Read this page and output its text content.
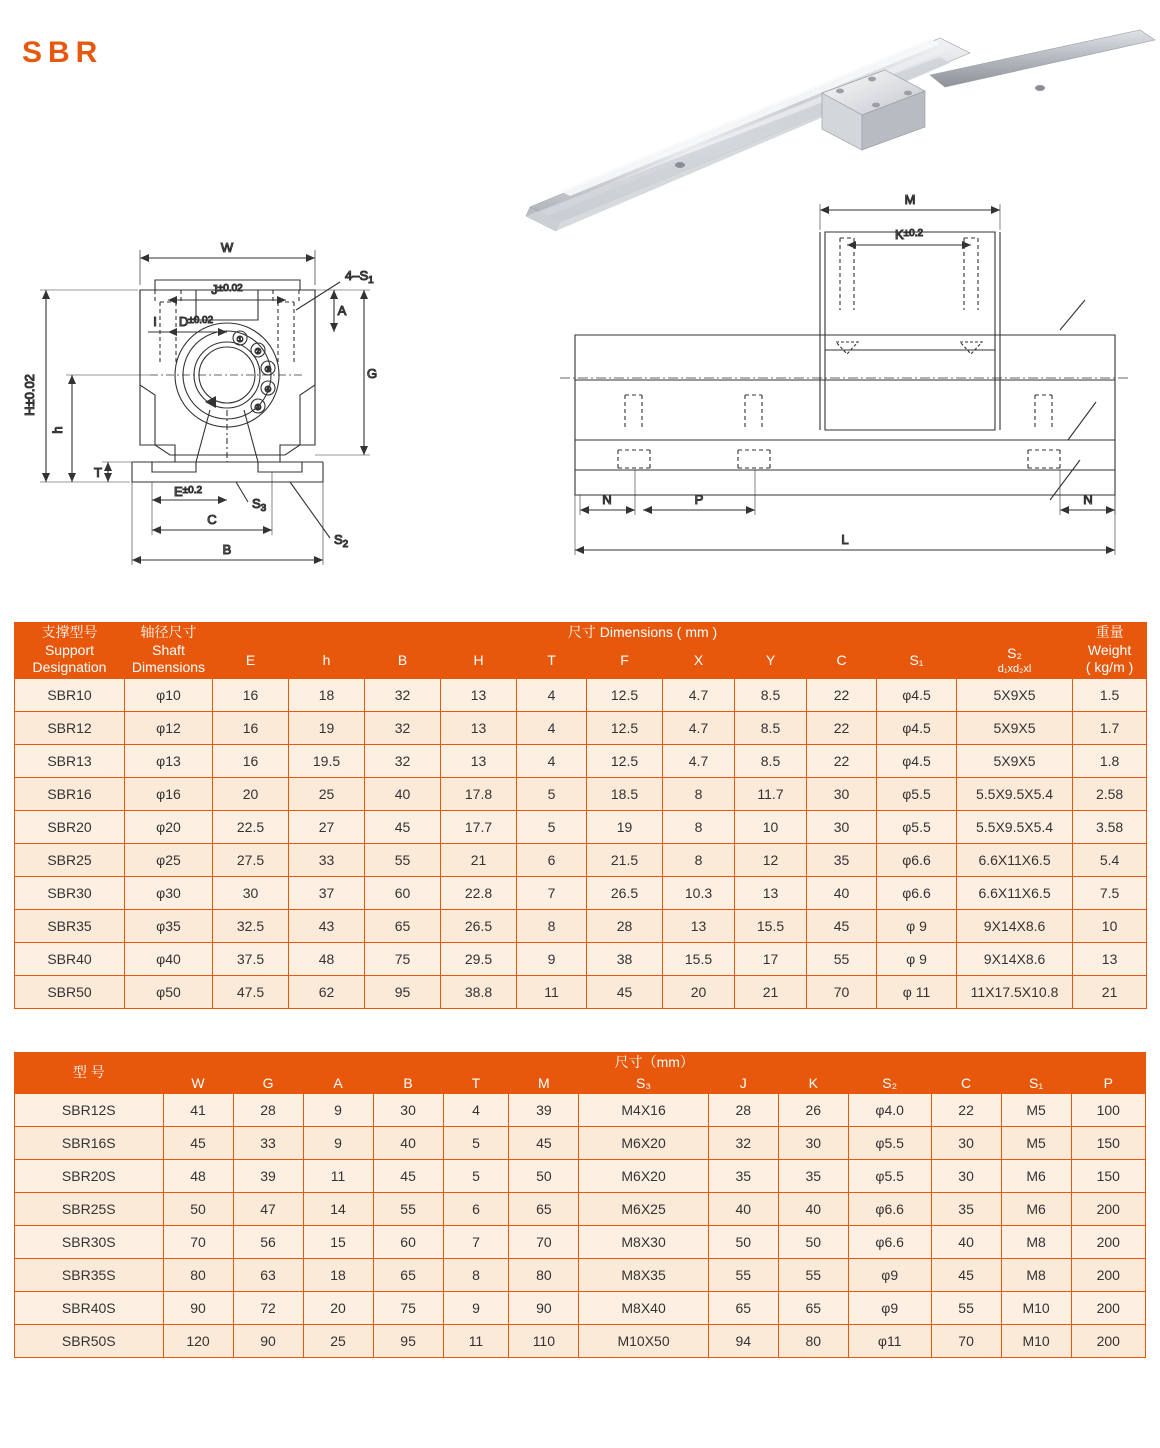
SBR
①
②
③
④
⑤
W
$J^{\pm 0.02}$
$D^{\pm 0.02}$
$4-S_1$
I
A
G
H±0.02
h
T
$E^{\pm 0.2}$
$S_3$
C
$S_2$
B
M
$K^{\pm 0.2}$
N	P	N
L
支撑型号
Support
Designation

轴径尺寸
Shaft
Dimensions
	尺寸 Dimensions ( mm )	重量
Weight
( kg/m )

		E	h	B	H	T	F	X	Y	C	S₁	S₂
d₁xd₂xl	

SBR10	φ10	16	18	32	13	4	12.5	4.7	8.5	22	φ4.5	5X9X5	1.5
SBR12	φ12	16	19	32	13	4	12.5	4.7	8.5	22	φ4.5	5X9X5	1.7
SBR13	φ13	16	19.5	32	13	4	12.5	4.7	8.5	22	φ4.5	5X9X5	1.8
SBR16	φ16	20	25	40	17.8	5	18.5	8	11.7	30	φ5.5	5.5X9.5X5.4	2.58
SBR20	φ20	22.5	27	45	17.7	5	19	8	10	30	φ5.5	5.5X9.5X5.4	3.58
SBR25	φ25	27.5	33	55	21	6	21.5	8	12	35	φ6.6	6.6X11X6.5	5.4
SBR30	φ30	30	37	60	22.8	7	26.5	10.3	13	40	φ6.6	6.6X11X6.5	7.5
SBR35	φ35	32.5	43	65	26.5	8	28	13	15.5	45	φ 9	9X14X8.6	10
SBR40	φ40	37.5	48	75	29.5	9	38	15.5	17	55	φ 9	9X14X8.6	13
SBR50	φ50	47.5	62	95	38.8	11	45	20	21	70	φ 11	11X17.5X10.8	21
型 号	尺寸（mm）												
	W	G	A	B	T	M	S₃	J	K	S₂	C	S₁	P
SBR12S	41	28	9	30	4	39	M4X16	28	26	φ4.0	22	M5	100
SBR16S	45	33	9	40	5	45	M6X20	32	30	φ5.5	30	M5	150
SBR20S	48	39	11	45	5	50	M6X20	35	35	φ5.5	30	M6	150
SBR25S	50	47	14	55	6	65	M6X25	40	40	φ6.6	35	M6	200
SBR30S	70	56	15	60	7	70	M8X30	50	50	φ6.6	40	M8	200
SBR35S	80	63	18	65	8	80	M8X35	55	55	φ9	45	M8	200
SBR40S	90	72	20	75	9	90	M8X40	65	65	φ9	55	M10	200
SBR50S	120	90	25	95	11	110	M10X50	94	80	φ11	70	M10	200
